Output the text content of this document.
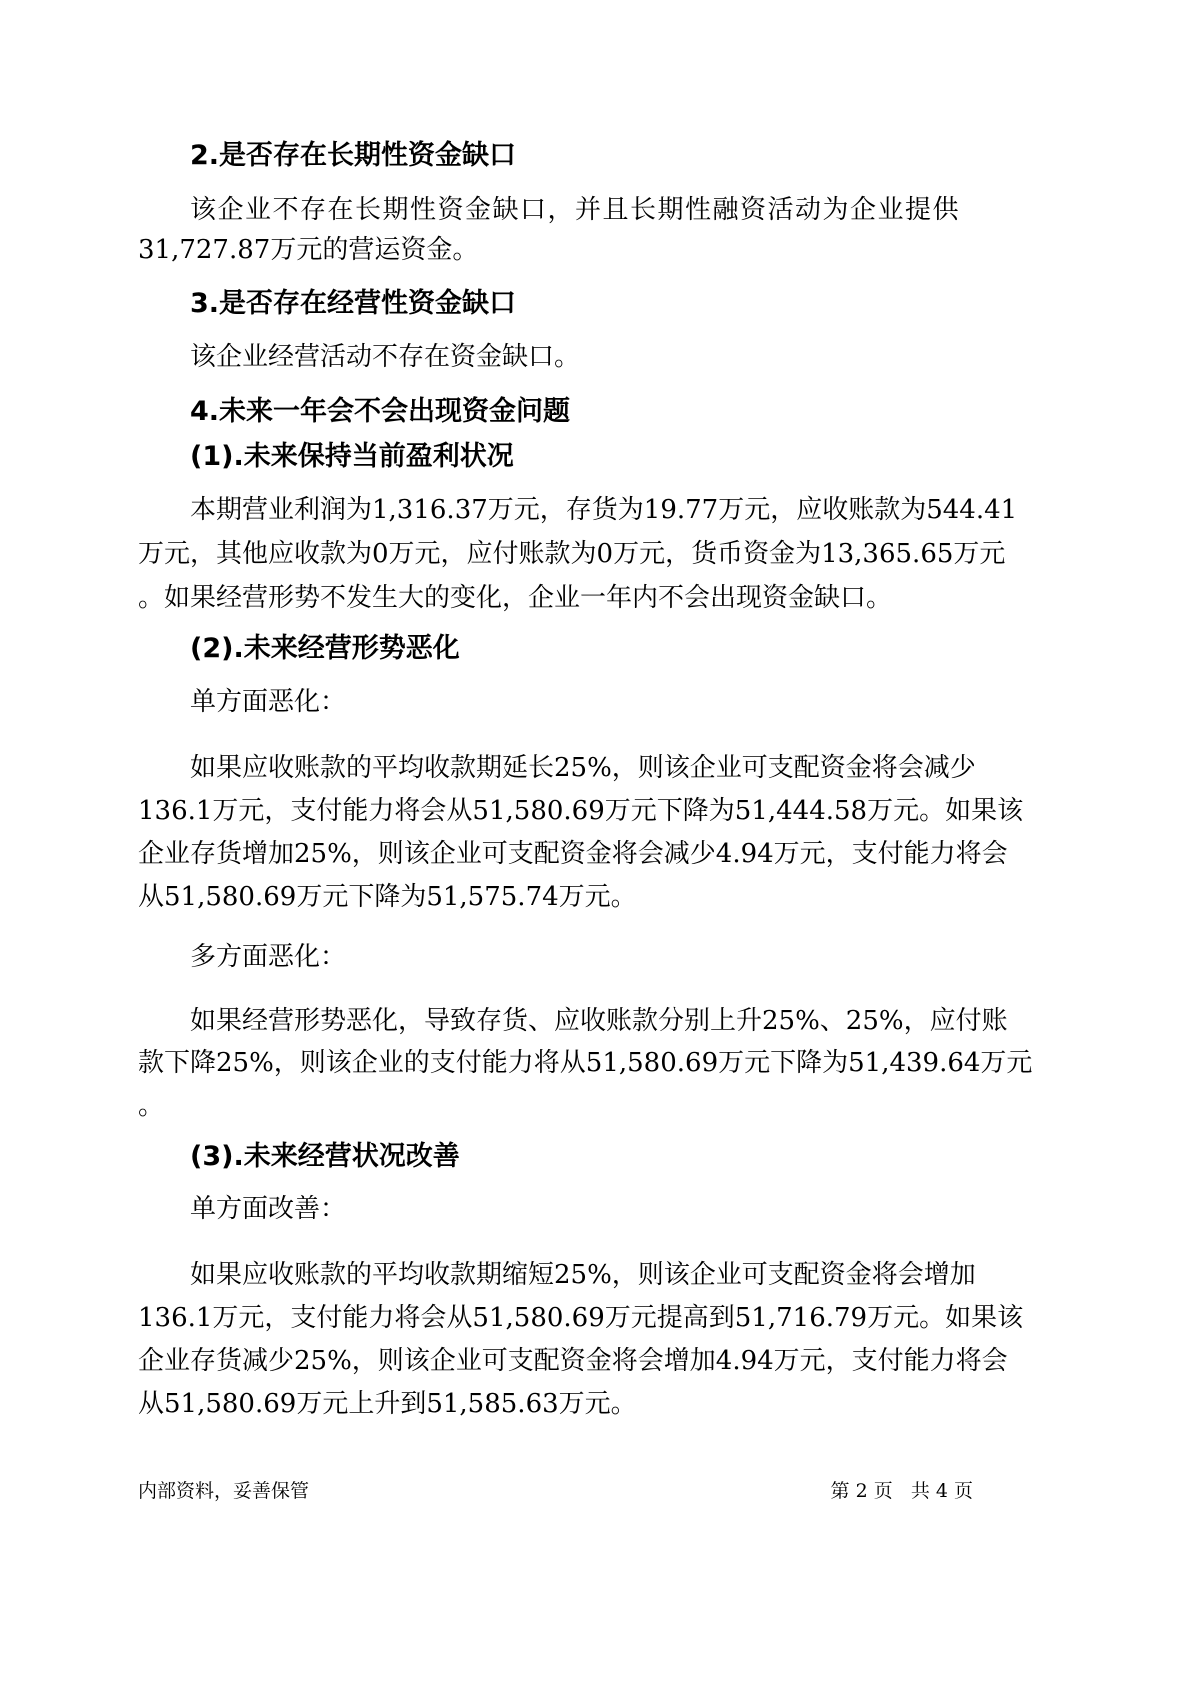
2.是否存在长期性资金缺口
该企业不存在长期性资金缺口，并且长期性融资活动为企业提供
31,727.87万元的营运资金。
3.是否存在经营性资金缺口
该企业经营活动不存在资金缺口。
4.未来一年会不会出现资金问题
(1).未来保持当前盈利状况
本期营业利润为1,316.37万元，存货为19.77万元，应收账款为544.41
万元，其他应收款为0万元，应付账款为0万元，货币资金为13,365.65万元
。如果经营形势不发生大的变化，企业一年内不会出现资金缺口。
(2).未来经营形势恶化
单方面恶化：
如果应收账款的平均收款期延长25%，则该企业可支配资金将会减少
136.1万元，支付能力将会从51,580.69万元下降为51,444.58万元。如果该
企业存货增加25%，则该企业可支配资金将会减少4.94万元，支付能力将会
从51,580.69万元下降为51,575.74万元。
多方面恶化：
如果经营形势恶化，导致存货、应收账款分别上升25%、25%，应付账
款下降25%，则该企业的支付能力将从51,580.69万元下降为51,439.64万元
。
(3).未来经营状况改善
单方面改善：
如果应收账款的平均收款期缩短25%，则该企业可支配资金将会增加
136.1万元，支付能力将会从51,580.69万元提高到51,716.79万元。如果该
企业存货减少25%，则该企业可支配资金将会增加4.94万元，支付能力将会
从51,580.69万元上升到51,585.63万元。
内部资料，妥善保管	第 2 页   共 4 页
